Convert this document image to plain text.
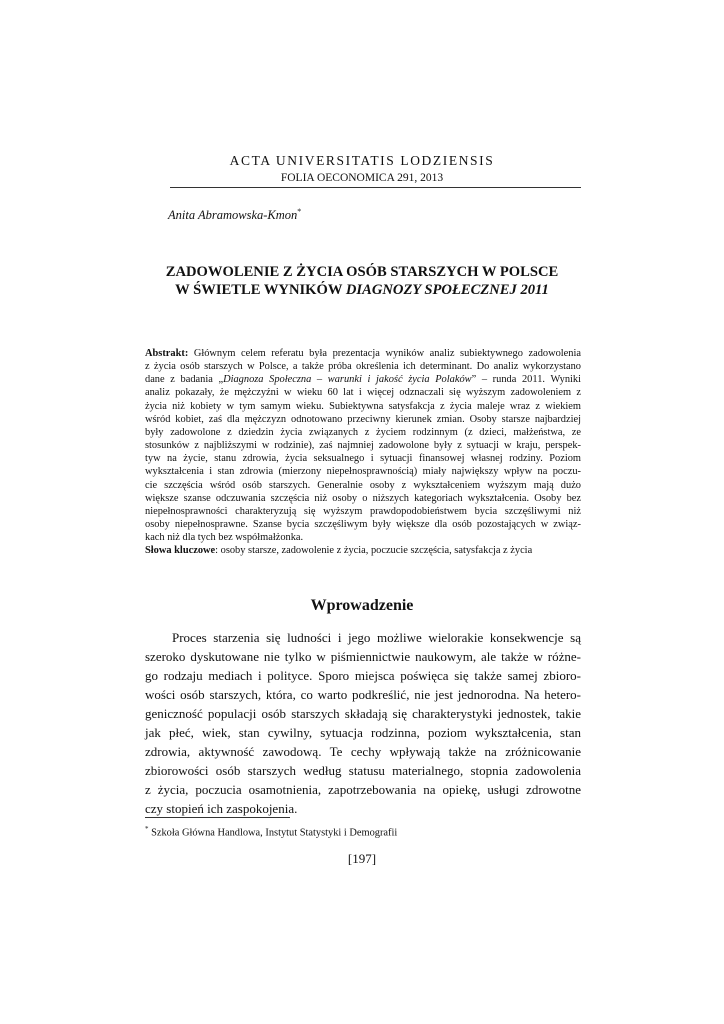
ACTA UNIVERSITATIS LODZIENSIS
FOLIA OECONOMICA 291, 2013
Anita Abramowska-Kmon*
ZADOWOLENIE Z ŻYCIA OSÓB STARSZYCH W POLSCE
W ŚWIETLE WYNIKÓW DIAGNOZY SPOŁECZNEJ 2011
Abstrakt: Głównym celem referatu była prezentacja wyników analiz subiektywnego zadowolenia
z życia osób starszych w Polsce, a także próba określenia ich determinant. Do analiz wykorzystano
dane z badania „Diagnoza Społeczna – warunki i jakość życia Polaków” – runda 2011. Wyniki
analiz pokazały, że mężczyźni w wieku 60 lat i więcej odznaczali się wyższym zadowoleniem z
życia niż kobiety w tym samym wieku. Subiektywna satysfakcja z życia maleje wraz z wiekiem
wśród kobiet, zaś dla mężczyzn odnotowano przeciwny kierunek zmian. Osoby starsze najbardziej
były zadowolone z dziedzin życia związanych z życiem rodzinnym (z dzieci, małżeństwa, ze
stosunków z najbliższymi w rodzinie), zaś najmniej zadowolone były z sytuacji w kraju, perspek-
tyw na życie, stanu zdrowia, życia seksualnego i sytuacji finansowej własnej rodziny. Poziom
wykształcenia i stan zdrowia (mierzony niepełnosprawnością) miały największy wpływ na poczu-
cie szczęścia wśród osób starszych. Generalnie osoby z wykształceniem wyższym mają dużo
większe szanse odczuwania szczęścia niż osoby o niższych kategoriach wykształcenia. Osoby bez
niepełnosprawności charakteryzują się wyższym prawdopodobieństwem bycia szczęśliwymi niż
osoby niepełnosprawne. Szanse bycia szczęśliwym były większe dla osób pozostających w związ-
kach niż dla tych bez współmałżonka.
Słowa kluczowe: osoby starsze, zadowolenie z życia, poczucie szczęścia, satysfakcja z życia
Wprowadzenie
Proces starzenia się ludności i jego możliwe wielorakie konsekwencje są
szeroko dyskutowane nie tylko w piśmiennictwie naukowym, ale także w różne-
go rodzaju mediach i polityce. Sporo miejsca poświęca się także samej zbioro-
wości osób starszych, która, co warto podkreślić, nie jest jednorodna. Na hetero-
geniczność populacji osób starszych składają się charakterystyki jednostek, takie
jak płeć, wiek, stan cywilny, sytuacja rodzinna, poziom wykształcenia, stan
zdrowia, aktywność zawodową. Te cechy wpływają także na zróżnicowanie
zbiorowości osób starszych według statusu materialnego, stopnia zadowolenia
z życia, poczucia osamotnienia, zapotrzebowania na opiekę, usługi zdrowotne
czy stopień ich zaspokojenia.
* Szkoła Główna Handlowa, Instytut Statystyki i Demografii
[197]
